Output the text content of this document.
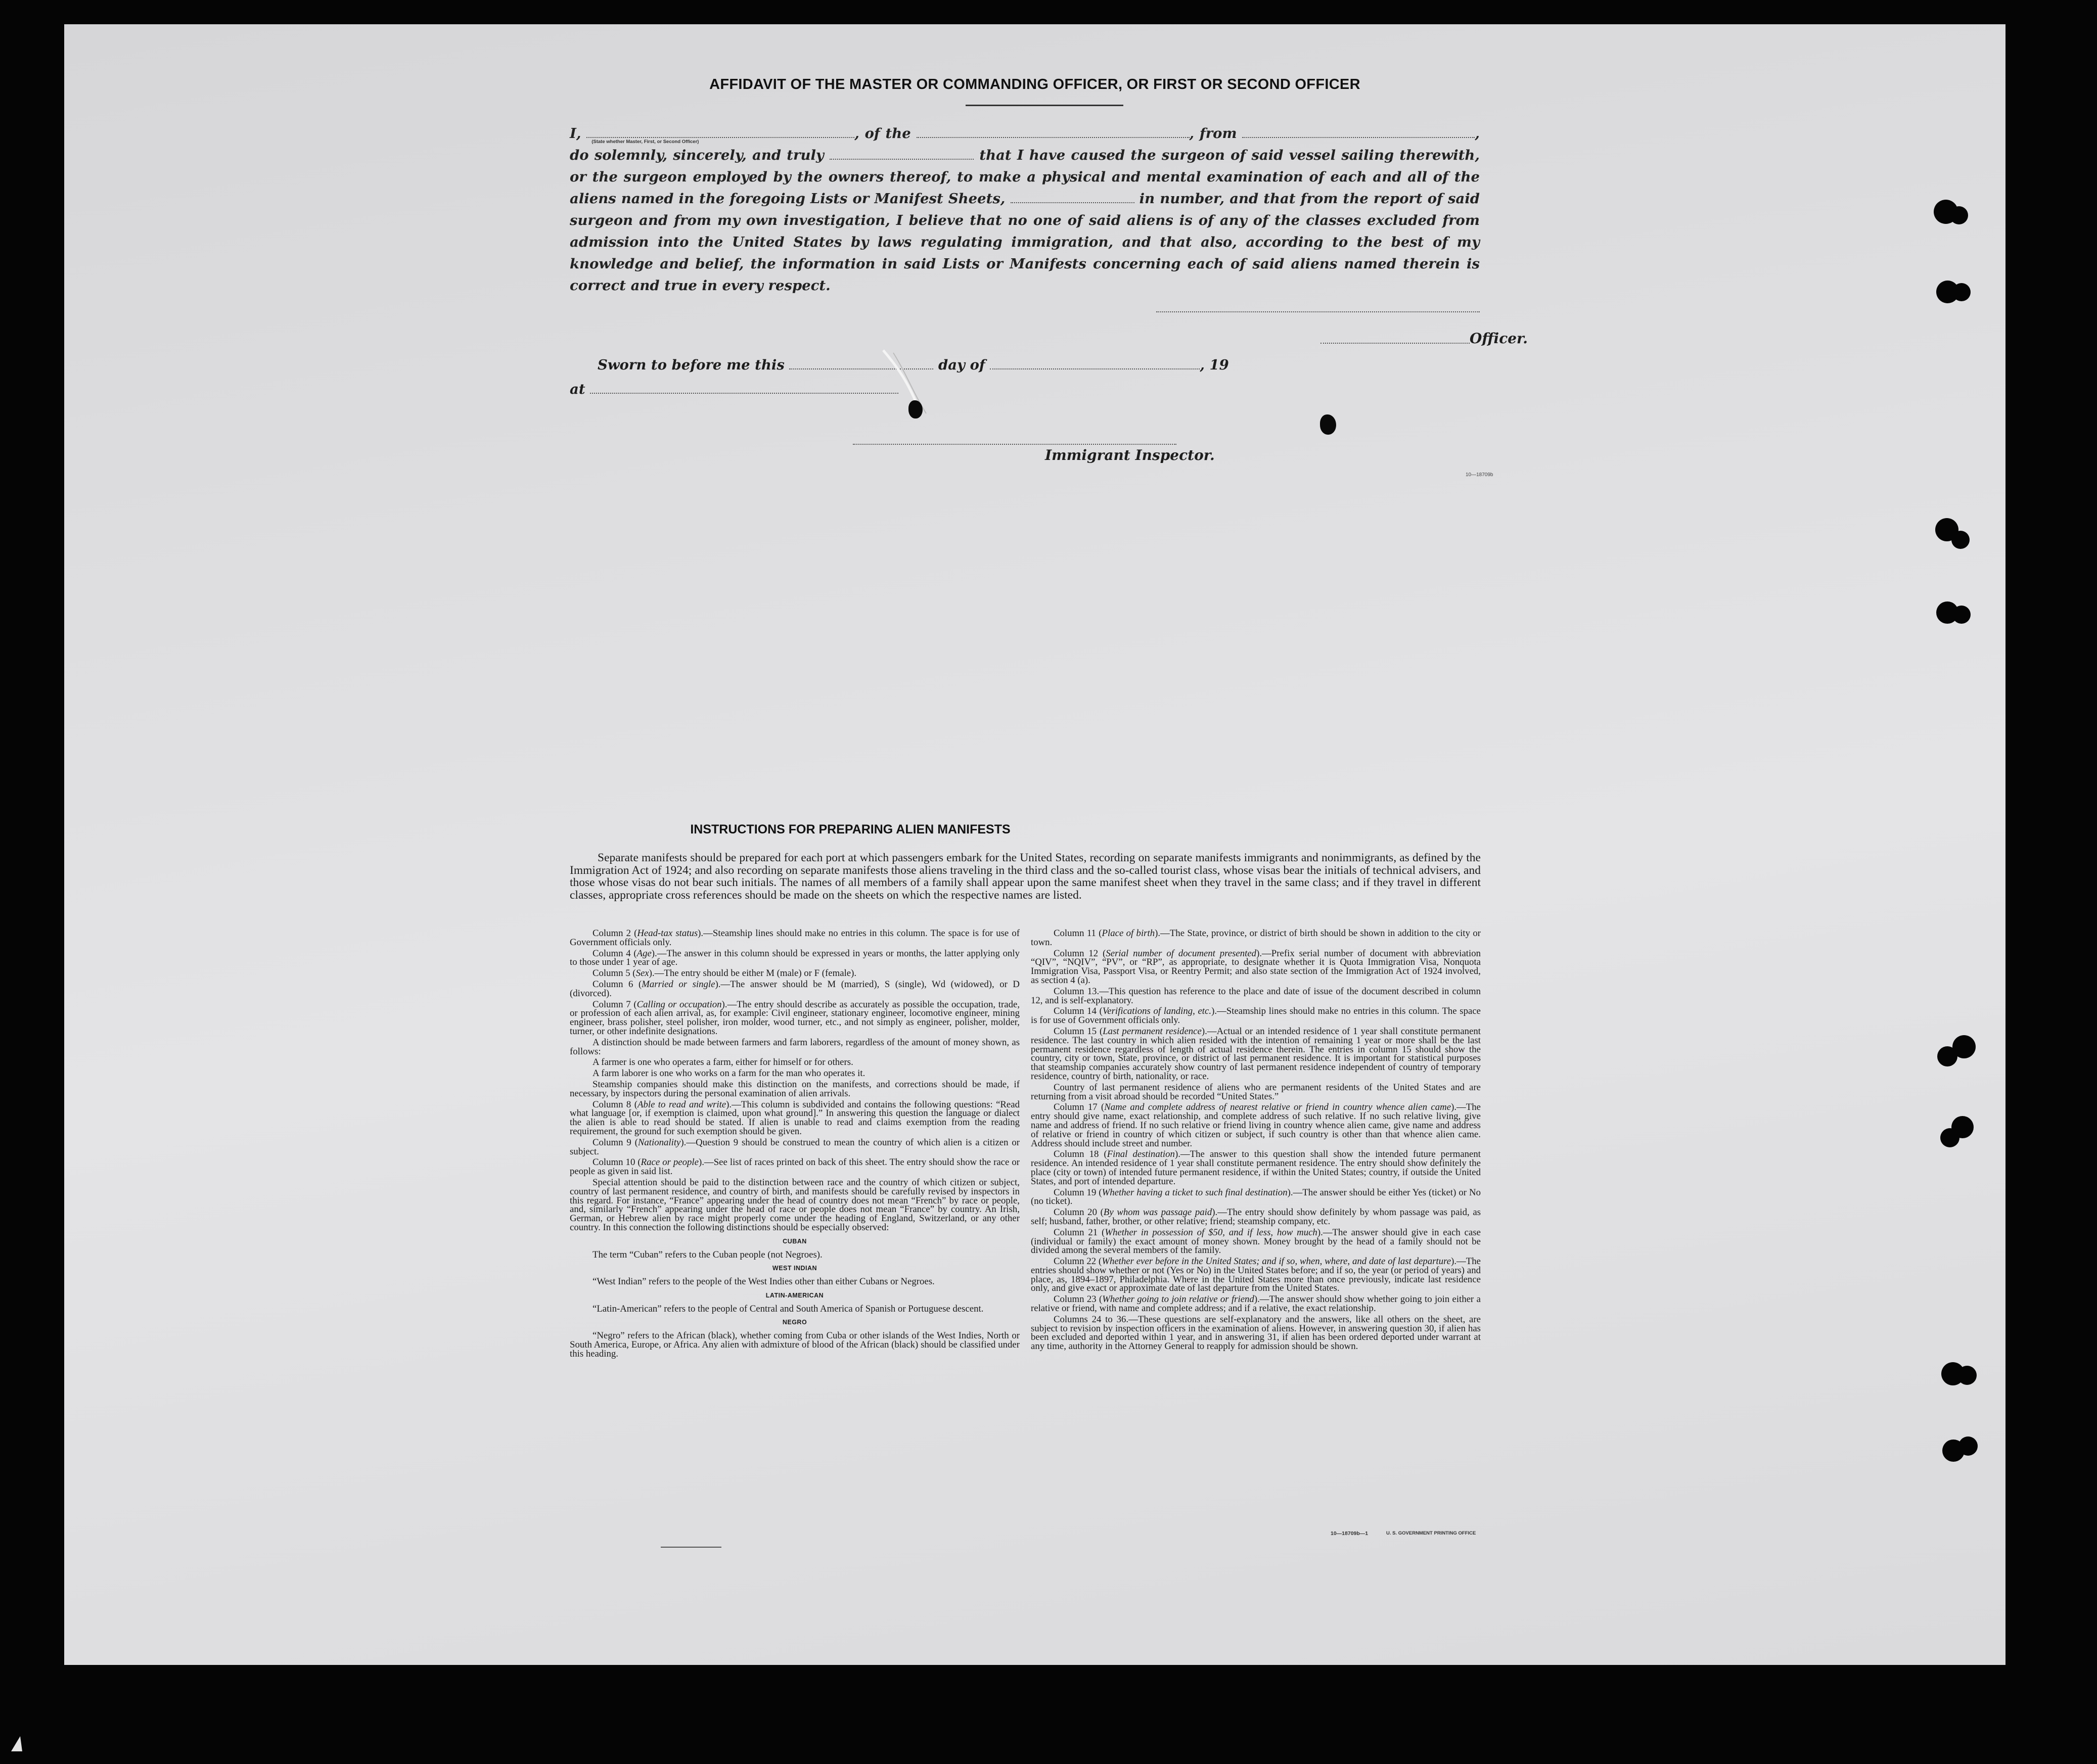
AFFIDAVIT OF THE MASTER OR COMMANDING OFFICER, OR FIRST OR SECOND OFFICER
I,
(State whether Master, First, or Second Officer)
, of the	, from	, do solemnly, sincerely, and truly	that I have caused the surgeon of said vessel sailing therewith, or the surgeon employed by the owners thereof, to make a physical and mental examination of each and all of the aliens named in the foregoing Lists or Manifest Sheets,	in number, and that from the report of said surgeon and from my own investigation, I believe that no one of said aliens is of any of the classes excluded from admission into the United States by laws regulating immigration, and that also, according to the best of my knowledge and belief, the information in said Lists or Manifests concerning each of said aliens named therein is correct and true in every respect.
Officer.
Sworn to before me this	day of	, 19
at
Immigrant Inspector.
10—18709b
INSTRUCTIONS FOR PREPARING ALIEN MANIFESTS
Separate manifests should be prepared for each port at which passengers embark for the United States, recording on separate manifests immigrants and nonimmigrants, as defined by the Immigration Act of 1924; and also recording on separate manifests those aliens traveling in the third class and the so-called tourist class, whose visas bear the initials of technical advisers, and those whose visas do not bear such initials. The names of all members of a family shall appear upon the same manifest sheet when they travel in the same class; and if they travel in different classes, appropriate cross references should be made on the sheets on which the respective names are listed.

Column 2 (Head-tax status).—Steamship lines should make no entries in this column. The space is for use of Government officials only.

Column 4 (Age).—The answer in this column should be expressed in years or months, the latter applying only to those under 1 year of age.

Column 5 (Sex).—The entry should be either M (male) or F (female).

Column 6 (Married or single).—The answer should be M (married), S (single), Wd (widowed), or D (divorced).

Column 7 (Calling or occupation).—The entry should describe as accurately as possible the occupation, trade, or profession of each alien arrival, as, for example: Civil engineer, stationary engineer, locomotive engineer, mining engineer, brass polisher, steel polisher, iron molder, wood turner, etc., and not simply as engineer, polisher, molder, turner, or other indefinite designations.

A distinction should be made between farmers and farm laborers, regardless of the amount of money shown, as follows:

A farmer is one who operates a farm, either for himself or for others.

A farm laborer is one who works on a farm for the man who operates it.

Steamship companies should make this distinction on the manifests, and corrections should be made, if necessary, by inspectors during the personal examination of alien arrivals.

Column 8 (Able to read and write).—This column is subdivided and contains the following questions: “Read what language [or, if exemption is claimed, upon what ground].” In answering this question the language or dialect the alien is able to read should be stated. If alien is unable to read and claims exemption from the reading requirement, the ground for such exemption should be given.

Column 9 (Nationality).—Question 9 should be construed to mean the country of which alien is a citizen or subject.

Column 10 (Race or people).—See list of races printed on back of this sheet. The entry should show the race or people as given in said list.

Special attention should be paid to the distinction between race and the country of which citizen or subject, country of last permanent residence, and country of birth, and manifests should be carefully revised by inspectors in this regard. For instance, “France” appearing under the head of country does not mean “French” by race or people, and, similarly “French” appearing under the head of race or people does not mean “France” by country. An Irish, German, or Hebrew alien by race might properly come under the heading of England, Switzerland, or any other country. In this connection the following distinctions should be especially observed:

CUBAN

The term “Cuban” refers to the Cuban people (not Negroes).

WEST INDIAN

“West Indian” refers to the people of the West Indies other than either Cubans or Negroes.

LATIN-AMERICAN

“Latin-American” refers to the people of Central and South America of Spanish or Portuguese descent.

NEGRO

“Negro” refers to the African (black), whether coming from Cuba or other islands of the West Indies, North or South America, Europe, or Africa. Any alien with admixture of blood of the African (black) should be classified under this heading.

Column 11 (Place of birth).—The State, province, or district of birth should be shown in addition to the city or town.

Column 12 (Serial number of document presented).—Prefix serial number of document with abbreviation “QIV”, “NQIV”, “PV”, or “RP”, as appropriate, to designate whether it is Quota Immigration Visa, Nonquota Immigration Visa, Passport Visa, or Reentry Permit; and also state section of the Immigration Act of 1924 involved, as section 4 (a).

Column 13.—This question has reference to the place and date of issue of the document described in column 12, and is self-explanatory.

Column 14 (Verifications of landing, etc.).—Steamship lines should make no entries in this column. The space is for use of Government officials only.

Column 15 (Last permanent residence).—Actual or an intended residence of 1 year shall constitute permanent residence. The last country in which alien resided with the intention of remaining 1 year or more shall be the last permanent residence regardless of length of actual residence therein. The entries in column 15 should show the country, city or town, State, province, or district of last permanent residence. It is important for statistical purposes that steamship companies accurately show country of last permanent residence independent of country of temporary residence, country of birth, nationality, or race.

Country of last permanent residence of aliens who are permanent residents of the United States and are returning from a visit abroad should be recorded “United States.”

Column 17 (Name and complete address of nearest relative or friend in country whence alien came).—The entry should give name, exact relationship, and complete address of such relative. If no such relative living, give name and address of friend. If no such relative or friend living in country whence alien came, give name and address of relative or friend in country of which citizen or subject, if such country is other than that whence alien came. Address should include street and number.

Column 18 (Final destination).—The answer to this question shall show the intended future permanent residence. An intended residence of 1 year shall constitute permanent residence. The entry should show definitely the place (city or town) of intended future permanent residence, if within the United States; country, if outside the United States, and port of intended departure.

Column 19 (Whether having a ticket to such final destination).—The answer should be either Yes (ticket) or No (no ticket).

Column 20 (By whom was passage paid).—The entry should show definitely by whom passage was paid, as self; husband, father, brother, or other relative; friend; steamship company, etc.

Column 21 (Whether in possession of $50, and if less, how much).—The answer should give in each case (individual or family) the exact amount of money shown. Money brought by the head of a family should not be divided among the several members of the family.

Column 22 (Whether ever before in the United States; and if so, when, where, and date of last departure).—The entries should show whether or not (Yes or No) in the United States before; and if so, the year (or period of years) and place, as, 1894–1897, Philadelphia. Where in the United States more than once previously, indicate last residence only, and give exact or approximate date of last departure from the United States.

Column 23 (Whether going to join relative or friend).—The answer should show whether going to join either a relative or friend, with name and complete address; and if a relative, the exact relationship.

Columns 24 to 36.—These questions are self-explanatory and the answers, like all others on the sheet, are subject to revision by inspection officers in the examination of aliens. However, in answering question 30, if alien has been excluded and deported within 1 year, and in answering 31, if alien has been ordered deported under warrant at any time, authority in the Attorney General to reapply for admission should be shown.

10—18709b—1	U. S. GOVERNMENT PRINTING OFFICE
